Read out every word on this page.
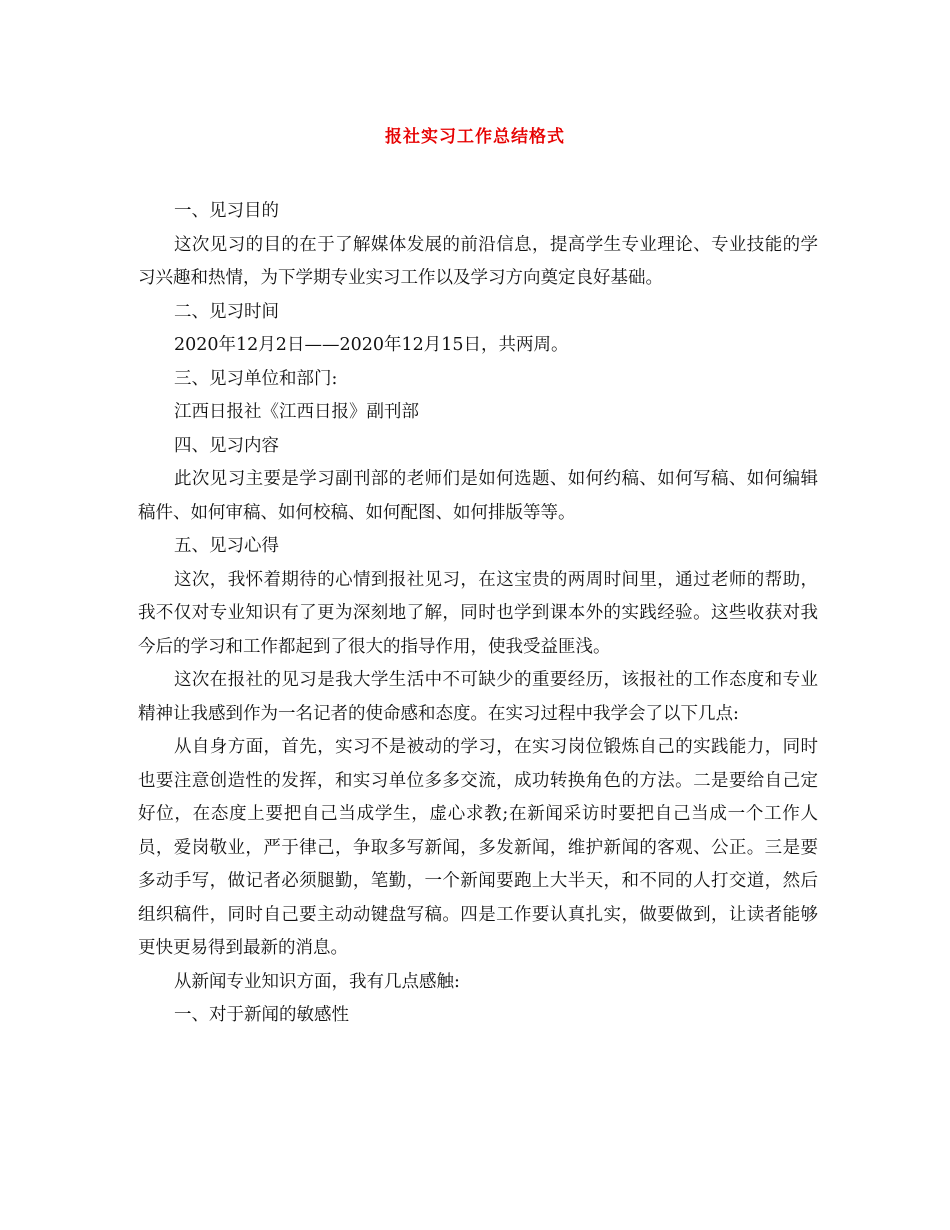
报社实习工作总结格式

一、见习目的

这次见习的目的在于了解媒体发展的前沿信息，提高学生专业理论、专业技能的学习兴趣和热情，为下学期专业实习工作以及学习方向奠定良好基础。

二、见习时间

2020年12月2日——2020年12月15日，共两周。

三、见习单位和部门:

江西日报社《江西日报》副刊部

四、见习内容

此次见习主要是学习副刊部的老师们是如何选题、如何约稿、如何写稿、如何编辑稿件、如何审稿、如何校稿、如何配图、如何排版等等。

五、见习心得

这次，我怀着期待的心情到报社见习，在这宝贵的两周时间里，通过老师的帮助，我不仅对专业知识有了更为深刻地了解，同时也学到课本外的实践经验。这些收获对我今后的学习和工作都起到了很大的指导作用，使我受益匪浅。

这次在报社的见习是我大学生活中不可缺少的重要经历，该报社的工作态度和专业精神让我感到作为一名记者的使命感和态度。在实习过程中我学会了以下几点:

从自身方面，首先，实习不是被动的学习，在实习岗位锻炼自己的实践能力，同时也要注意创造性的发挥，和实习单位多多交流，成功转换角色的方法。二是要给自己定好位，在态度上要把自己当成学生，虚心求教;在新闻采访时要把自己当成一个工作人员，爱岗敬业，严于律己，争取多写新闻，多发新闻，维护新闻的客观、公正。三是要多动手写，做记者必须腿勤，笔勤，一个新闻要跑上大半天，和不同的人打交道，然后组织稿件，同时自己要主动动键盘写稿。四是工作要认真扎实，做要做到，让读者能够更快更易得到最新的消息。

从新闻专业知识方面，我有几点感触:

一、对于新闻的敏感性
